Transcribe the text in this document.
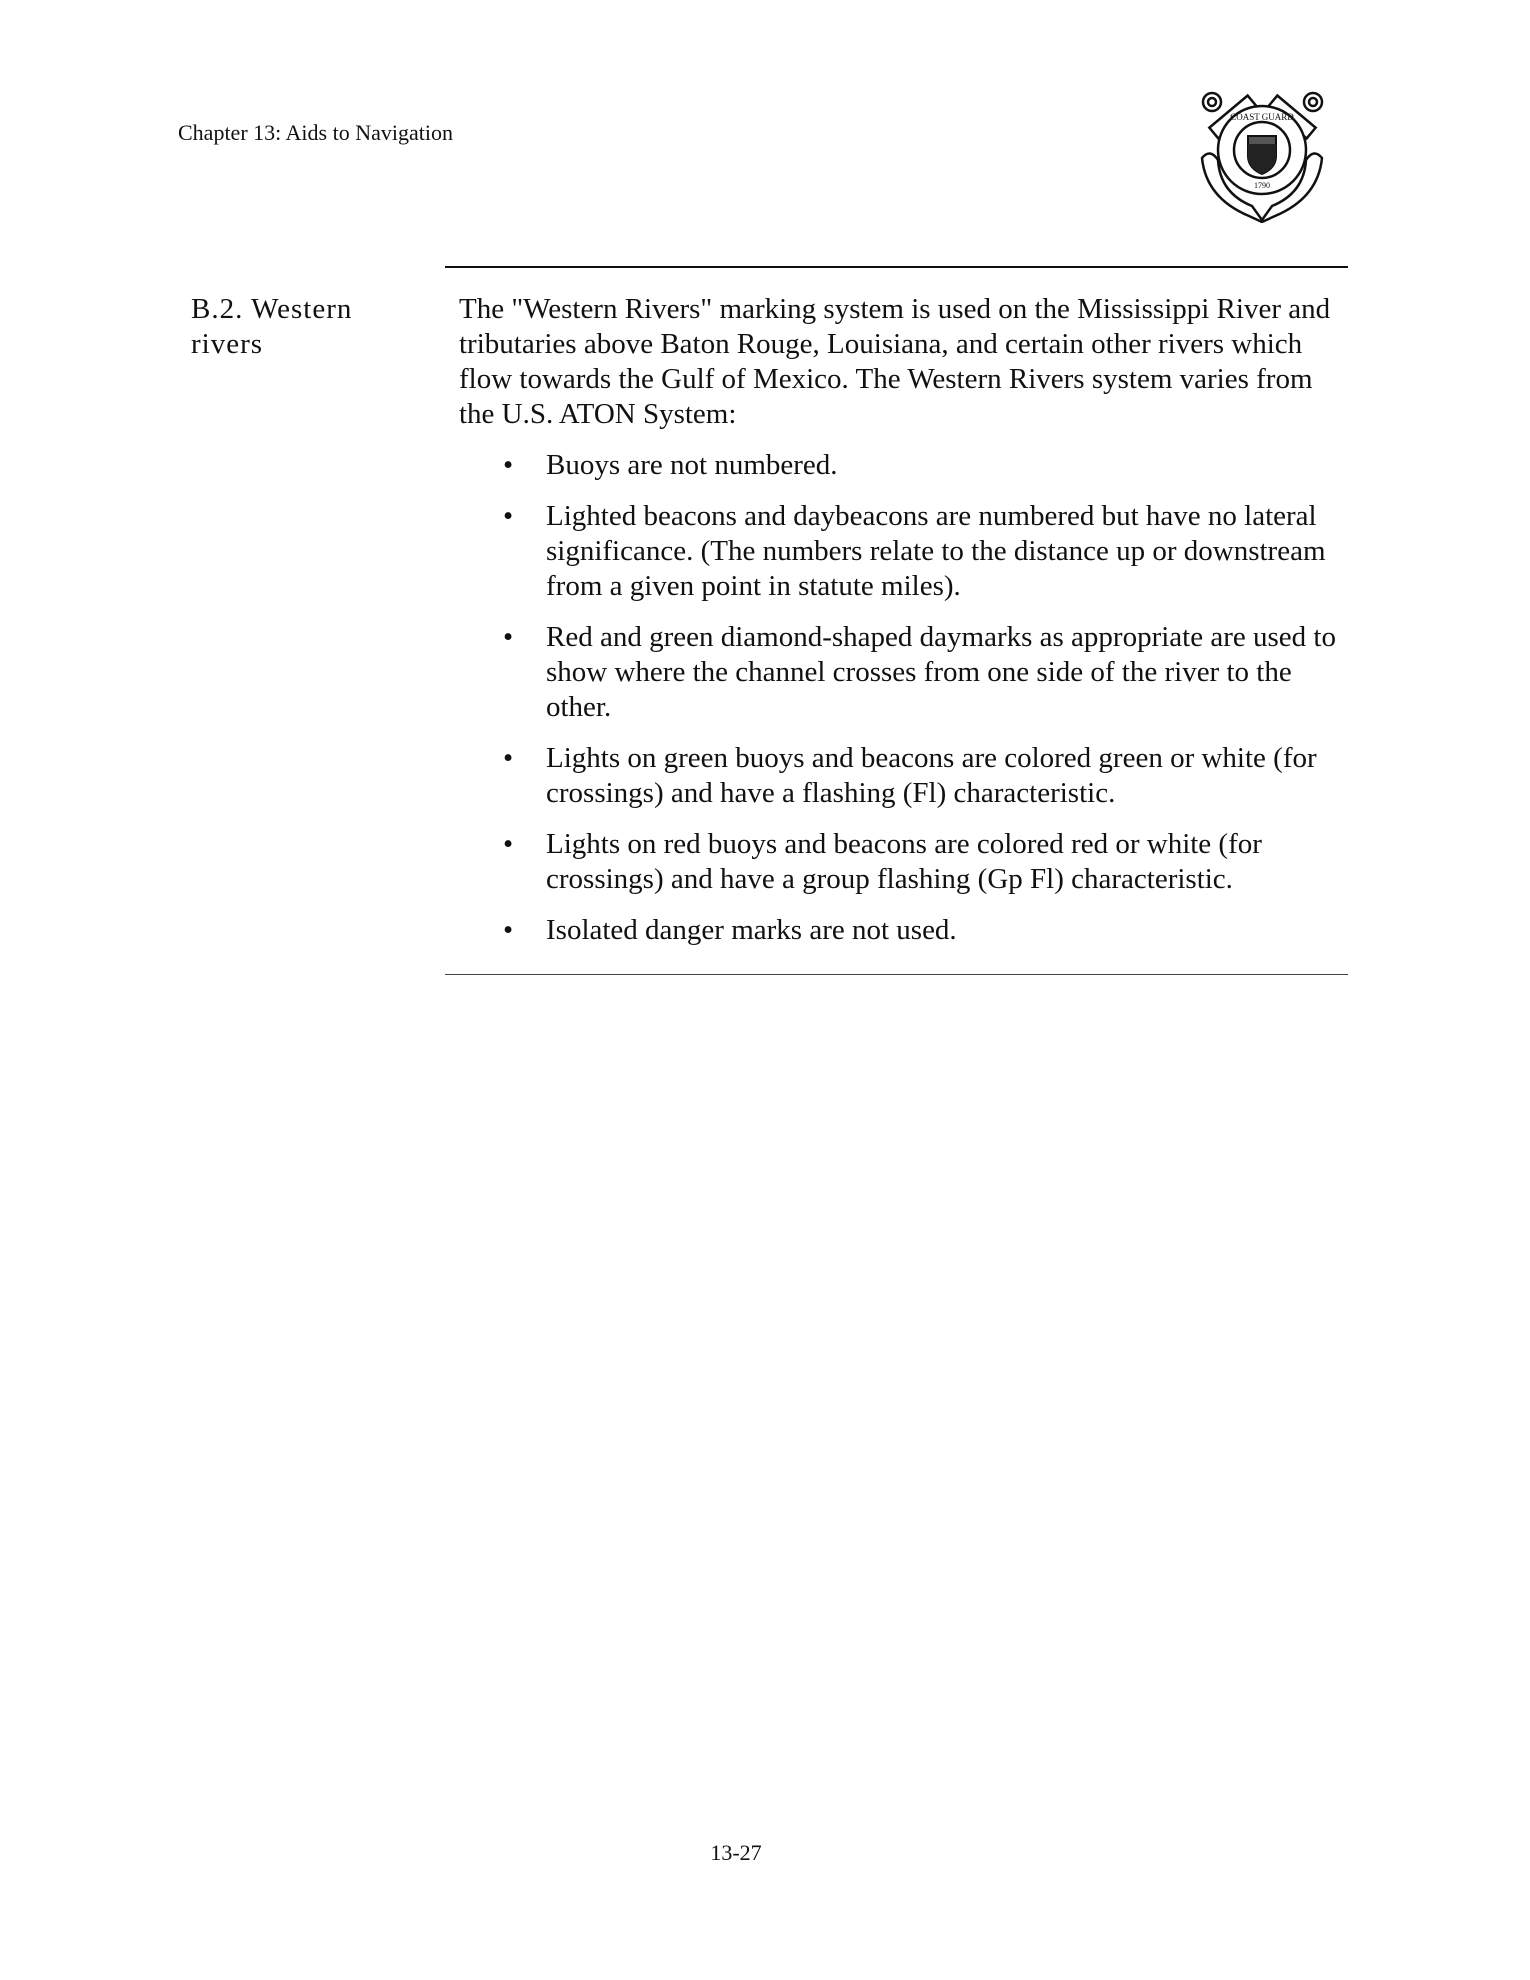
Chapter 13: Aids to Navigation
COAST GUARD
1790
B.2. Western rivers

The "Western Rivers" marking system is used on the Mississippi River and tributaries above Baton Rouge, Louisiana, and certain other rivers which flow towards the Gulf of Mexico. The Western Rivers system varies from the U.S. ATON System:

• Buoys are not numbered.
• Lighted beacons and daybeacons are numbered but have no lateral significance. (The numbers relate to the distance up or downstream from a given point in statute miles).
• Red and green diamond-shaped daymarks as appropriate are used to show where the channel crosses from one side of the river to the other.
• Lights on green buoys and beacons are colored green or white (for crossings) and have a flashing (Fl) characteristic.
• Lights on red buoys and beacons are colored red or white (for crossings) and have a group flashing (Gp Fl) characteristic.
• Isolated danger marks are not used.
13-27
